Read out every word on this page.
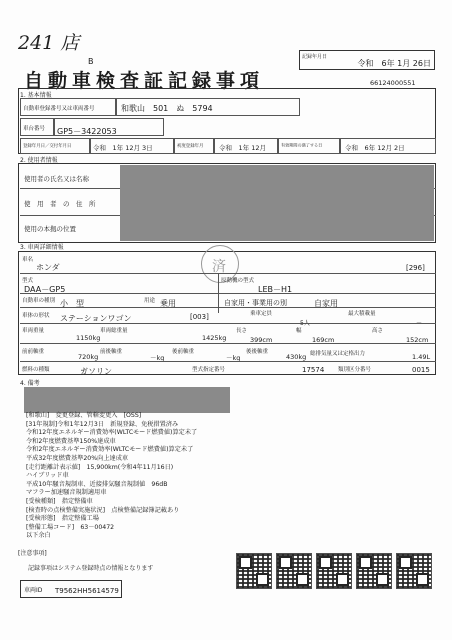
241 店
B
自動車検査証記録事項
記録年月日
令和　6年 1月 26日
66124000551
1. 基本情報
自動車登録番号又は車両番号	和歌山　501　ぬ　5794
車台番号 GP5－3422053
登録年月日／交付年月日	令和　1年 12月 3日	初度登録年月 令和　1年 12月	有効期間の満了する日	令和　6年 12月 2日
2. 使用者情報
使用者の氏名又は名称
使　用　者　の　住　所
使用の本拠の位置
3. 車両詳細情報
済
車名
ホンダ	[296]
型式
DAA－GP5
原動機の型式
LEB－H1
自動車の種別 小　型	用途 乗用	自家用・事業用の別	自家用
車体の形状 ステーションワゴン	[003]	乗車定員
5人
最大積載量
－
車両重量
1150kg
車両総重量
1425kg
長さ
399cm
幅
169cm
高さ
152cm
前前軸重
720kg
前後軸重
－kg
後前軸重
－kg
後後軸重
430kg 総排気量又は定格出力	1.49L
燃料の種類	ガソリン	型式指定番号	17574 類別区分番号	0015
4. 備考
[和歌山]　変更登録、管轄変更入　[OSS]
[31年規制]令和1年12月3日　新規登録、免税措置済み
令和12年度エネルギー消費効率(WLTCモード燃費値)算定未了
令和2年度燃費基準150%達成車
令和2年度エネルギー消費効率(WLTCモード燃費値)算定未了
平成32年度燃費基準20%向上達成車
[走行距離計表示値]　15,900km(令和4年11月16日)
ハイブリッド車
平成10年騒音規制車、近接排気騒音規制値　96dB
マフラー加速騒音規制適用車
[受検種類]　指定整備車
[検査時の点検整備実施状況]　点検整備記録簿記載あり
[受検形態]　指定整備工場
[整備工場コード]　63－00472
以下余白
[注意事項]
記録事項はシステム登録時点の情報となります
車両ID T9562HH5614579
